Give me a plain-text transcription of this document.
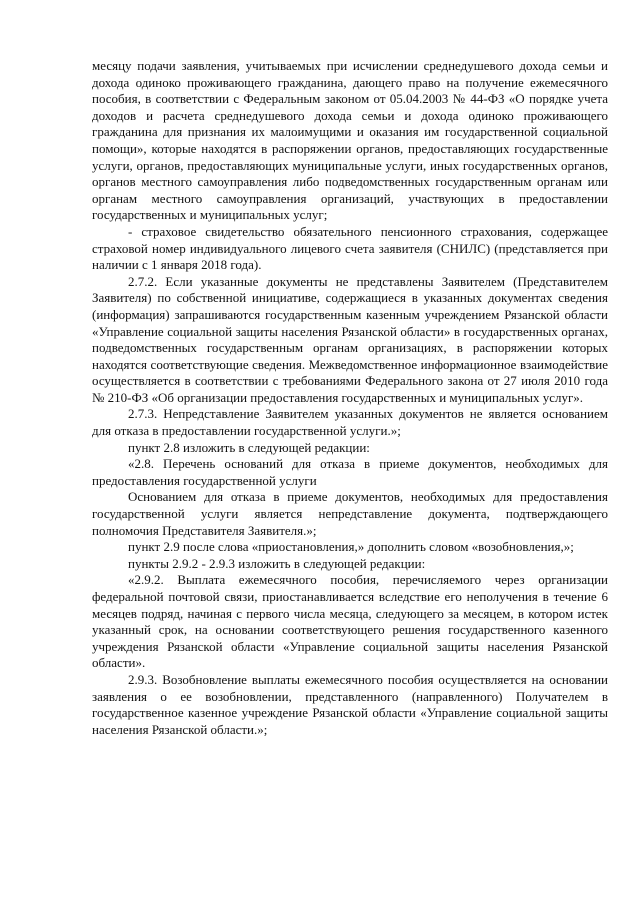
месяцу подачи заявления, учитываемых при исчислении среднедушевого дохода семьи и дохода одиноко проживающего гражданина, дающего право на получение ежемесячного пособия, в соответствии с Федеральным законом от 05.04.2003 № 44-ФЗ «О порядке учета доходов и расчета среднедушевого дохода семьи и дохода одиноко проживающего гражданина для признания их малоимущими и оказания им государственной социальной помощи», которые находятся в распоряжении органов, предоставляющих государственные услуги, органов, предоставляющих муниципальные услуги, иных государственных органов, органов местного самоуправления либо подведомственных государственным органам или органам местного самоуправления организаций, участвующих в предоставлении государственных и муниципальных услуг;

- страховое свидетельство обязательного пенсионного страхования, содержащее страховой номер индивидуального лицевого счета заявителя (СНИЛС) (представляется при наличии с 1 января 2018 года).

2.7.2. Если указанные документы не представлены Заявителем (Представителем Заявителя) по собственной инициативе, содержащиеся в указанных документах сведения (информация) запрашиваются государственным казенным учреждением Рязанской области «Управление социальной защиты населения Рязанской области» в государственных органах, подведомственных государственным органам организациях, в распоряжении которых находятся соответствующие сведения. Межведомственное информационное взаимодействие осуществляется в соответствии с требованиями Федерального закона от 27 июля 2010 года № 210-ФЗ «Об организации предоставления государственных и муниципальных услуг».

2.7.3. Непредставление Заявителем указанных документов не является основанием для отказа в предоставлении государственной услуги.»;

пункт 2.8 изложить в следующей редакции:

«2.8. Перечень оснований для отказа в приеме документов, необходимых для предоставления государственной услуги

Основанием для отказа в приеме документов, необходимых для предоставления государственной услуги является непредставление документа, подтверждающего полномочия Представителя Заявителя.»;

пункт 2.9 после слова «приостановления,» дополнить словом «возобновления,»;

пункты 2.9.2 - 2.9.3 изложить в следующей редакции:

«2.9.2. Выплата ежемесячного пособия, перечисляемого через организации федеральной почтовой связи, приостанавливается вследствие его неполучения в течение 6 месяцев подряд, начиная с первого числа месяца, следующего за месяцем, в котором истек указанный срок, на основании соответствующего решения государственного казенного учреждения Рязанской области «Управление социальной защиты населения Рязанской области».

2.9.3. Возобновление выплаты ежемесячного пособия осуществляется на основании заявления о ее возобновлении, представленного (направленного) Получателем в государственное казенное учреждение Рязанской области «Управление социальной защиты населения Рязанской области.»;
